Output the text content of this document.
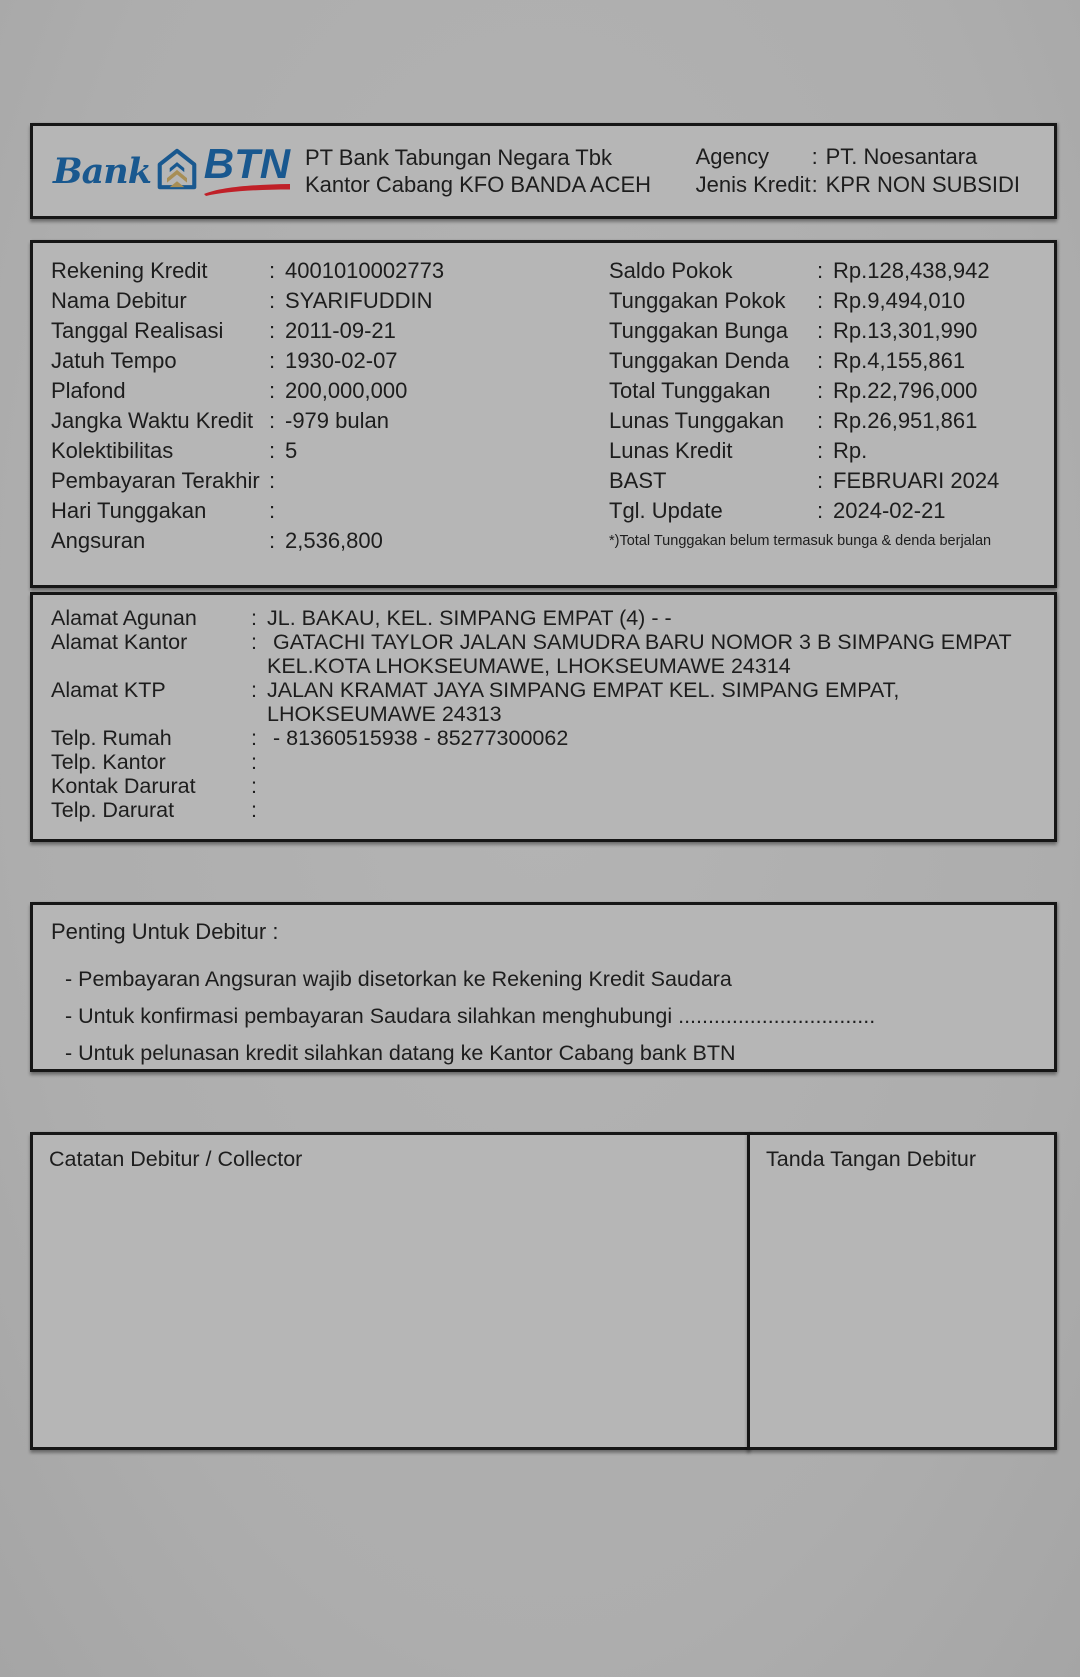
Bank BTN PT Bank Tabungan Negara Tbk
Kantor Cabang KFO BANDA ACEH
Agency	: PT. Noesantara
Jenis Kredit : KPR NON SUBSIDI
Rekening Kredit	: 4001010002773
Nama Debitur	: SYARIFUDDIN
Tanggal Realisasi	: 2011-09-21
Jatuh Tempo	: 1930-02-07
Plafond	: 200,000,000
Jangka Waktu Kredit : -979 bulan
Kolektibilitas	: 5
Pembayaran Terakhir :
Hari Tunggakan	:
Angsuran	: 2,536,800
Saldo Pokok	: Rp.128,438,942
Tunggakan Pokok	: Rp.9,494,010
Tunggakan Bunga	: Rp.13,301,990
Tunggakan Denda	: Rp.4,155,861
Total Tunggakan	: Rp.22,796,000
Lunas Tunggakan	: Rp.26,951,861
Lunas Kredit	: Rp.
BAST	: FEBRUARI 2024
Tgl. Update	: 2024-02-21
*)Total Tunggakan belum termasuk bunga & denda berjalan
Alamat Agunan	: JL. BAKAU, KEL. SIMPANG EMPAT (4) - -
Alamat Kantor	: GATACHI TAYLOR JALAN SAMUDRA BARU NOMOR 3 B SIMPANG EMPAT
KEL.KOTA LHOKSEUMAWE, LHOKSEUMAWE 24314
Alamat KTP	: JALAN KRAMAT JAYA SIMPANG EMPAT KEL. SIMPANG EMPAT,
LHOKSEUMAWE 24313
Telp. Rumah	: - 81360515938 - 85277300062
Telp. Kantor	:
Kontak Darurat	:
Telp. Darurat	:
Penting Untuk Debitur :
- Pembayaran Angsuran wajib disetorkan ke Rekening Kredit Saudara
- Untuk konfirmasi pembayaran Saudara silahkan menghubungi .................................
- Untuk pelunasan kredit silahkan datang ke Kantor Cabang bank BTN
Catatan Debitur / Collector	Tanda Tangan Debitur
